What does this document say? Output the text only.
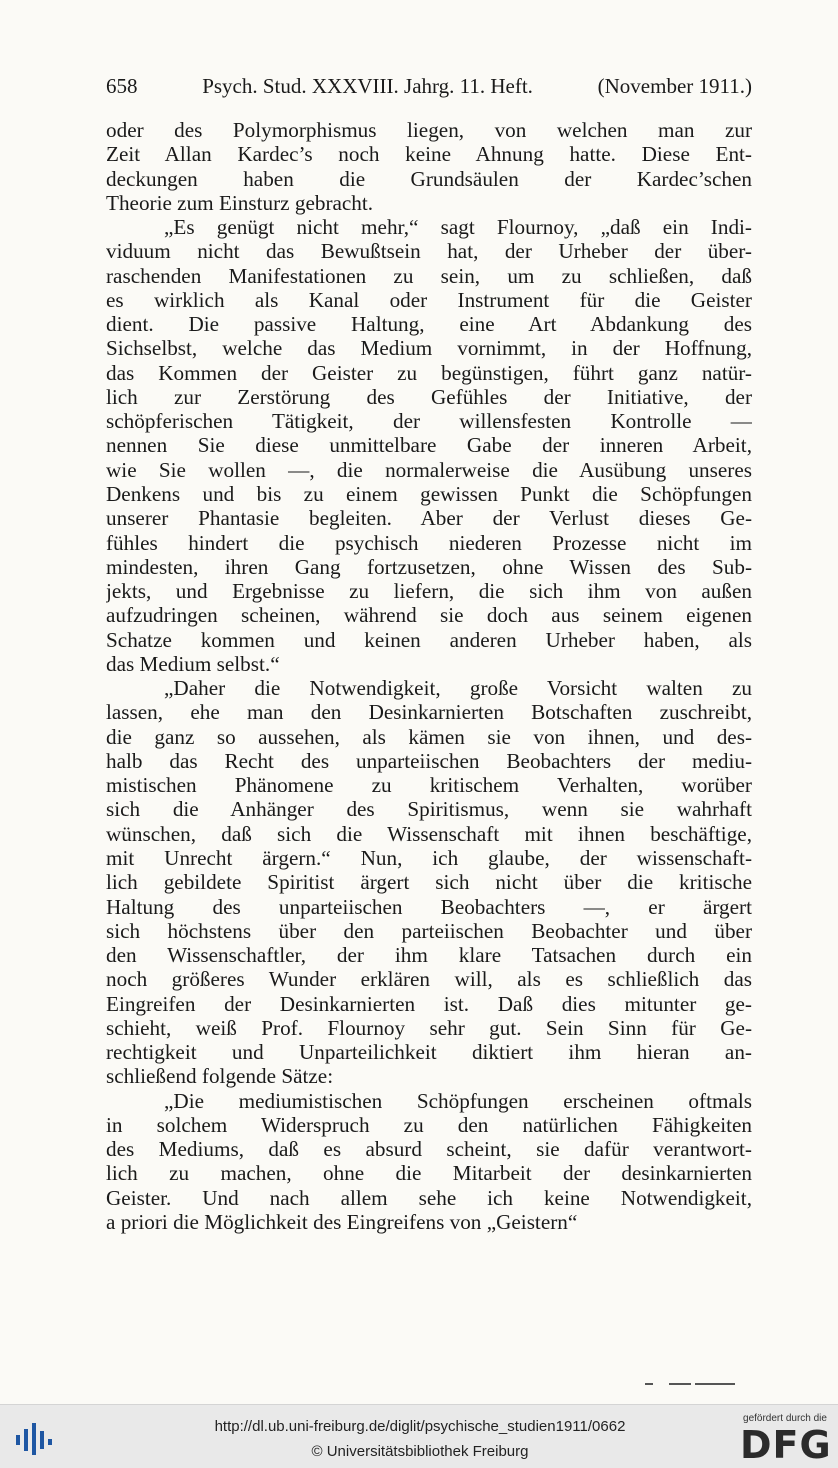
658	Psych. Stud. XXXVIII. Jahrg. 11. Heft.	(November 1911.)
oder des Polymorphismus liegen, von welchen man zur
Zeit Allan Kardec’s noch keine Ahnung hatte. Diese Ent-
deckungen haben die Grundsäulen der Kardec’schen
Theorie zum Einsturz gebracht.
„Es genügt nicht mehr,“ sagt Flournoy, „daß ein Indi-
viduum nicht das Bewußtsein hat, der Urheber der über-
raschenden Manifestationen zu sein, um zu schließen, daß
es wirklich als Kanal oder Instrument für die Geister
dient. Die passive Haltung, eine Art Abdankung des
Sichselbst, welche das Medium vornimmt, in der Hoffnung,
das Kommen der Geister zu begünstigen, führt ganz natür-
lich zur Zerstörung des Gefühles der Initiative, der
schöpferischen Tätigkeit, der willensfesten Kontrolle —
nennen Sie diese unmittelbare Gabe der inneren Arbeit,
wie Sie wollen —, die normalerweise die Ausübung unseres
Denkens und bis zu einem gewissen Punkt die Schöpfungen
unserer Phantasie begleiten. Aber der Verlust dieses Ge-
fühles hindert die psychisch niederen Prozesse nicht im
mindesten, ihren Gang fortzusetzen, ohne Wissen des Sub-
jekts, und Ergebnisse zu liefern, die sich ihm von außen
aufzudringen scheinen, während sie doch aus seinem eigenen
Schatze kommen und keinen anderen Urheber haben, als
das Medium selbst.“
„Daher die Notwendigkeit, große Vorsicht walten zu
lassen, ehe man den Desinkarnierten Botschaften zuschreibt,
die ganz so aussehen, als kämen sie von ihnen, und des-
halb das Recht des unparteiischen Beobachters der mediu-
mistischen Phänomene zu kritischem Verhalten, worüber
sich die Anhänger des Spiritismus, wenn sie wahrhaft
wünschen, daß sich die Wissenschaft mit ihnen beschäftige,
mit Unrecht ärgern.“ Nun, ich glaube, der wissenschaft-
lich gebildete Spiritist ärgert sich nicht über die kritische
Haltung des unparteiischen Beobachters —, er ärgert
sich höchstens über den parteiischen Beobachter und über
den Wissenschaftler, der ihm klare Tatsachen durch ein
noch größeres Wunder erklären will, als es schließlich das
Eingreifen der Desinkarnierten ist. Daß dies mitunter ge-
schieht, weiß Prof. Flournoy sehr gut. Sein Sinn für Ge-
rechtigkeit und Unparteilichkeit diktiert ihm hieran an-
schließend folgende Sätze:
„Die mediumistischen Schöpfungen erscheinen oftmals
in solchem Widerspruch zu den natürlichen Fähigkeiten
des Mediums, daß es absurd scheint, sie dafür verantwort-
lich zu machen, ohne die Mitarbeit der desinkarnierten
Geister. Und nach allem sehe ich keine Notwendigkeit,
a priori die Möglichkeit des Eingreifens von „Geistern“
http://dl.ub.uni-freiburg.de/diglit/psychische_studien1911/0662
© Universitätsbibliothek Freiburg
gefördert durch die
DFG
